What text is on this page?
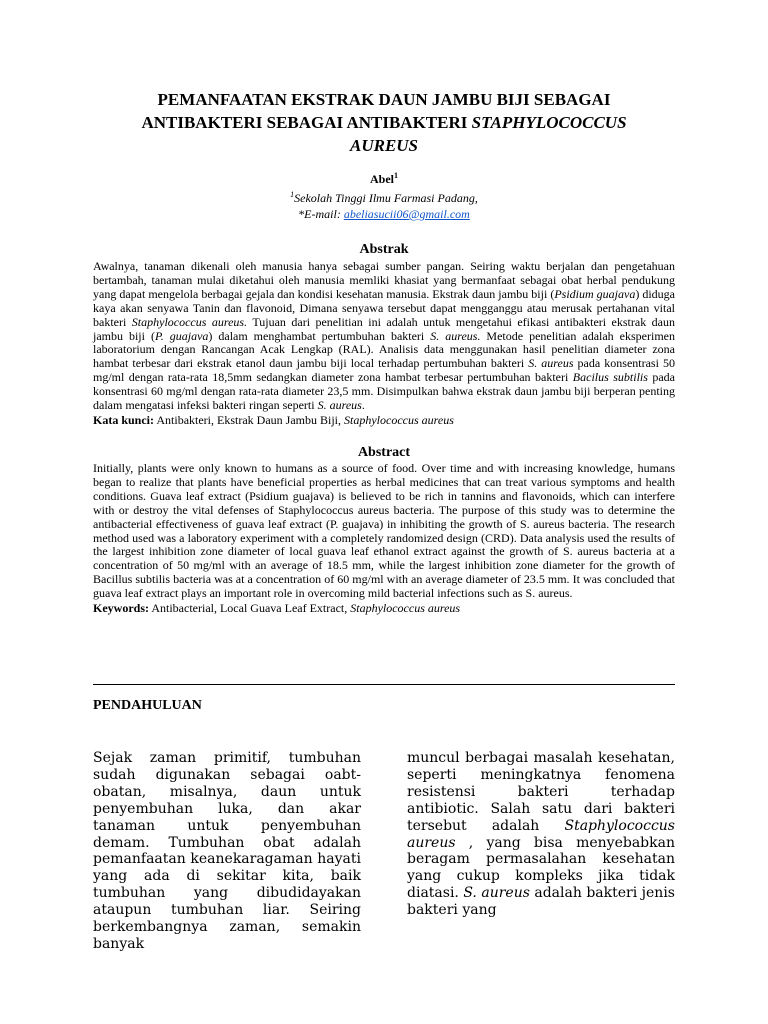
PEMANFAATAN EKSTRAK DAUN JAMBU BIJI SEBAGAI
ANTIBAKTERI SEBAGAI ANTIBAKTERI STAPHYLOCOCCUS
AUREUS
Abel$^1$
$^1$Sekolah Tinggi Ilmu Farmasi Padang,
*E-mail: abeliasucii06@gmail.com
Abstrak

Awalnya, tanaman dikenali oleh manusia hanya sebagai sumber pangan. Seiring waktu berjalan dan pengetahuan bertambah, tanaman mulai diketahui oleh manusia memliki khasiat yang bermanfaat sebagai obat herbal pendukung yang dapat mengelola berbagai gejala dan kondisi kesehatan manusia. Ekstrak daun jambu biji (Psidium guajava) diduga kaya akan senyawa Tanin dan flavonoid, Dimana senyawa tersebut dapat mengganggu atau merusak pertahanan vital bakteri Staphylococcus aureus. Tujuan dari penelitian ini adalah untuk mengetahui efikasi antibakteri ekstrak daun jambu biji (P. guajava) dalam menghambat pertumbuhan bakteri S. aureus. Metode penelitian adalah eksperimen laboratorium dengan Rancangan Acak Lengkap (RAL). Analisis data menggunakan hasil penelitian diameter zona hambat terbesar dari ekstrak etanol daun jambu biji local terhadap pertumbuhan bakteri S. aureus pada konsentrasi 50 mg/ml dengan rata-rata 18,5mm sedangkan diameter zona hambat terbesar pertumbuhan bakteri Bacilus subtilis pada konsentrasi 60 mg/ml dengan rata-rata diameter 23,5 mm. Disimpulkan bahwa ekstrak daun jambu biji berperan penting dalam mengatasi infeksi bakteri ringan seperti S. aureus.

Kata kunci: Antibakteri, Ekstrak Daun Jambu Biji, Staphylococcus aureus

Abstract

Initially, plants were only known to humans as a source of food. Over time and with increasing knowledge, humans began to realize that plants have beneficial properties as herbal medicines that can treat various symptoms and health conditions. Guava leaf extract (Psidium guajava) is believed to be rich in tannins and flavonoids, which can interfere with or destroy the vital defenses of Staphylococcus aureus bacteria. The purpose of this study was to determine the antibacterial effectiveness of guava leaf extract (P. guajava) in inhibiting the growth of S. aureus bacteria. The research method used was a laboratory experiment with a completely randomized design (CRD). Data analysis used the results of the largest inhibition zone diameter of local guava leaf ethanol extract against the growth of S. aureus bacteria at a concentration of 50 mg/ml with an average of 18.5 mm, while the largest inhibition zone diameter for the growth of Bacillus subtilis bacteria was at a concentration of 60 mg/ml with an average diameter of 23.5 mm. It was concluded that guava leaf extract plays an important role in overcoming mild bacterial infections such as S. aureus.

Keywords: Antibacterial, Local Guava Leaf Extract, Staphylococcus aureus

PENDAHULUAN
Sejak zaman primitif, tumbuhan sudah digunakan sebagai oabt-obatan, misalnya, daun untuk penyembuhan luka, dan akar tanaman untuk penyembuhan demam. Tumbuhan obat adalah pemanfaatan keanekaragaman hayati yang ada di sekitar kita, baik tumbuhan yang dibudidayakan ataupun tumbuhan liar. Seiring berkembangnya zaman, semakin banyak
muncul berbagai masalah kesehatan, seperti meningkatnya fenomena resistensi bakteri terhadap antibiotic. Salah satu dari bakteri tersebut adalah Staphylococcus aureus , yang bisa menyebabkan beragam permasalahan kesehatan yang cukup kompleks jika tidak diatasi. S. aureus adalah bakteri jenis bakteri yang
